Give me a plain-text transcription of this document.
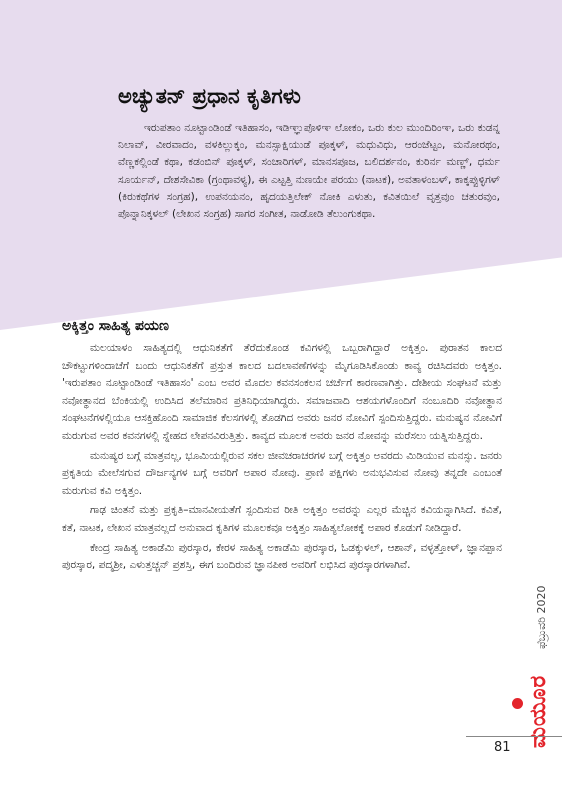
ಅಚ್ಯುತನ್ ಪ್ರಧಾನ ಕೃತಿಗಳು

ಇರುಪತಾಂ ನೂಟ್ಟಾಂಡಿಂಡೆ ಇತಿಹಾಸಂ, ಇಡಿಞ್ಞುಪೊಳಿಞ ಲೋಕಂ, ಒರು ಕುಲ ಮುಂದಿರಿಂಞ, ಒರು ಕುಡನ್ನ ನಿಲಾವ್, ವೀರವಾದಂ, ವಳಕಿಲ್ಲುಕ್ಕಂ, ಮನಸ್ಸಾಕ್ಷಿಯುಡೆ ಪೂಕ್ಕಳ್, ಮಧುವಿಧು, ಆರಂಜೆಟ್ಟಂ, ಮನೋರಥಂ, ವೆಣ್ಣಕಲ್ಲಿಂಡೆ ಕಥಾ, ಕಡಂಬಿನ್ ಪೂಕ್ಕಳ್, ಸಂಚಾರಿಗಳ್, ಮಾನಸಪೂಜ, ಬಲಿದರ್ಶನಂ, ಕುರಿರ್ನ ಮಣ್ಣ್, ಧರ್ಮ ಸೂರ್ಯನ್, ದೇಶಸೇವಿಕಾ (ಗ್ರಂಥಾವಳ್ಯ), ಈ ಎಟ್ಟತ್ತಿ ನುಣಯೇ ಪರಯು (ನಾಟಕ), ಅವತಾಳಂಬಳ್, ಕಾಕ್ಕಪ್ಪುಳ್ಳಿಗಳ್ (ಕಿರುಕಥೆಗಳ ಸಂಗ್ರಹ), ಉಪನಯನಂ, ಹೃದಯತ್ತಿಲೇಕ್ ನೋಕಿ ಎಳುತು, ಕವಿತಯಿಲೆ ವೃತ್ತವುಂ ಚತುರವುಂ, ಪೊನ್ನಾನಿಕ್ಕಳಲ್ (ಲೇಖನ ಸಂಗ್ರಹ) ಸಾಗರ ಸಂಗೀತ, ನಾಡೋಡಿ ತೆಲುಂಗುಕಥಾ.

ಅಕ್ಕಿತ್ತಂ ಸಾಹಿತ್ಯ ಪಯಣ

ಮಲಯಾಳಂ ಸಾಹಿತ್ಯದಲ್ಲಿ ಆಧುನಿಕತೆಗೆ ತೆರೆದುಕೊಂಡ ಕವಿಗಳಲ್ಲಿ ಒಬ್ಬರಾಗಿದ್ದಾರೆ ಅಕ್ಕಿತ್ತಂ. ಪುರಾತನ ಕಾಲದ ಚೌಕಟ್ಟುಗಳಿಂದಾಚೆಗೆ ಬಂದು ಆಧುನಿಕತೆಗೆ ಪ್ರಸ್ತುತ ಕಾಲದ ಬದಲಾವಣೆಗಳನ್ನು ಮೈಗೂಡಿಸಿಕೊಂಡು ಕಾವ್ಯ ರಚಿಸಿದವರು ಅಕ್ಕಿತ್ತಂ. 'ಇರುಪತಾಂ ನೂಟ್ಟಾಂಡಿಂಡೆ ಇತಿಹಾಸಂ' ಎಂಬ ಅವರ ಮೊದಲ ಕವನಸಂಕಲನ ಚರ್ಚೆಗೆ ಕಾರಣವಾಗಿತ್ತು. ದೇಶೀಯ ಸಂಘಟನೆ ಮತ್ತು ನವೋತ್ಥಾನದ ಬೆಂಕಿಯಲ್ಲಿ ಉದಿಸಿದ ತಲೆಮಾರಿನ ಪ್ರತಿನಿಧಿಯಾಗಿದ್ದರು. ಸಮಾಜವಾದಿ ಆಶಯಗಳೊಂದಿಗೆ ನಂಬೂದಿರಿ ನವೋತ್ಥಾನ ಸಂಘಟನೆಗಳಲ್ಲಿಯೂ ಆಸಕ್ತಿಹೊಂದಿ ಸಾಮಾಜಿಕ ಕೆಲಸಗಳಲ್ಲಿ ತೊಡಗಿದ ಅವರು ಜನರ ನೋವಿಗೆ ಸ್ಪಂದಿಸುತ್ತಿದ್ದರು. ಮನುಷ್ಯನ ನೋವಿಗೆ ಮರುಗುವ ಅವರ ಕವನಗಳಲ್ಲಿ ಸ್ನೇಹದ ಲೇಪನವಿರುತ್ತಿತ್ತು. ಕಾವ್ಯದ ಮೂಲಕ ಅವರು ಜನರ ನೋವನ್ನು ಮರೆಸಲು ಯತ್ನಿಸುತ್ತಿದ್ದರು.

ಮನುಷ್ಯರ ಬಗ್ಗೆ ಮಾತ್ರವಲ್ಲ, ಭೂಮಿಯಲ್ಲಿರುವ ಸಕಲ ಜೀವಚರಾಚರಗಳ ಬಗ್ಗೆ ಅಕ್ಕಿತ್ತಂ ಅವರದು ಮಿಡಿಯುವ ಮನಸ್ಸು. ಜನರು ಪ್ರಕೃತಿಯ ಮೇಲೆಸಗುವ ದೌರ್ಜನ್ಯಗಳ ಬಗ್ಗೆ ಅವರಿಗೆ ಅಪಾರ ನೋವು. ಪ್ರಾಣಿ ಪಕ್ಷಿಗಳು ಅನುಭವಿಸುವ ನೋವು ತನ್ನದೇ ಎಂಬಂತೆ ಮರುಗುವ ಕವಿ ಅಕ್ಕಿತ್ತಂ.

ಗಾಢ ಚಿಂತನೆ ಮತ್ತು ಪ್ರಕೃತಿ–ಮಾನವೀಯತೆಗೆ ಸ್ಪಂದಿಸುವ ರೀತಿ ಅಕ್ಕಿತ್ತಂ ಅವರನ್ನು ಎಲ್ಲರ ಮೆಚ್ಚಿನ ಕವಿಯನ್ನಾಗಿಸಿದೆ. ಕವಿತೆ, ಕತೆ, ನಾಟಕ, ಲೇಖನ ಮಾತ್ರವಲ್ಲದೆ ಅನುವಾದ ಕೃತಿಗಳ ಮೂಲಕವೂ ಅಕ್ಕಿತ್ತಂ ಸಾಹಿತ್ಯಲೋಕಕ್ಕೆ ಅಪಾರ ಕೊಡುಗೆ ನೀಡಿದ್ದಾರೆ.

ಕೇಂದ್ರ ಸಾಹಿತ್ಯ ಅಕಾಡೆಮಿ ಪುರಸ್ಕಾರ, ಕೇರಳ ಸಾಹಿತ್ಯ ಅಕಾಡೆಮಿ ಪುರಸ್ಕಾರ, ಓಡಕ್ಕುಳಲ್, ಆಶಾನ್, ವಳ್ಳತ್ತೋಳ್, ಜ್ಞಾನಪ್ಪಾನ ಪುರಸ್ಕಾರ, ಪದ್ಮಶ್ರೀ, ಎಳುತ್ತಚ್ಚನ್ ಪ್ರಶಸ್ತಿ, ಈಗ ಬಂದಿರುವ ಜ್ಞಾನಪೀಠ ಅವರಿಗೆ ಲಭಿಸಿದ ಪುರಸ್ಕಾರಗಳಾಗಿವೆ.

ಮಯೂರಫೆಬ್ರುವರಿ 2020
81
